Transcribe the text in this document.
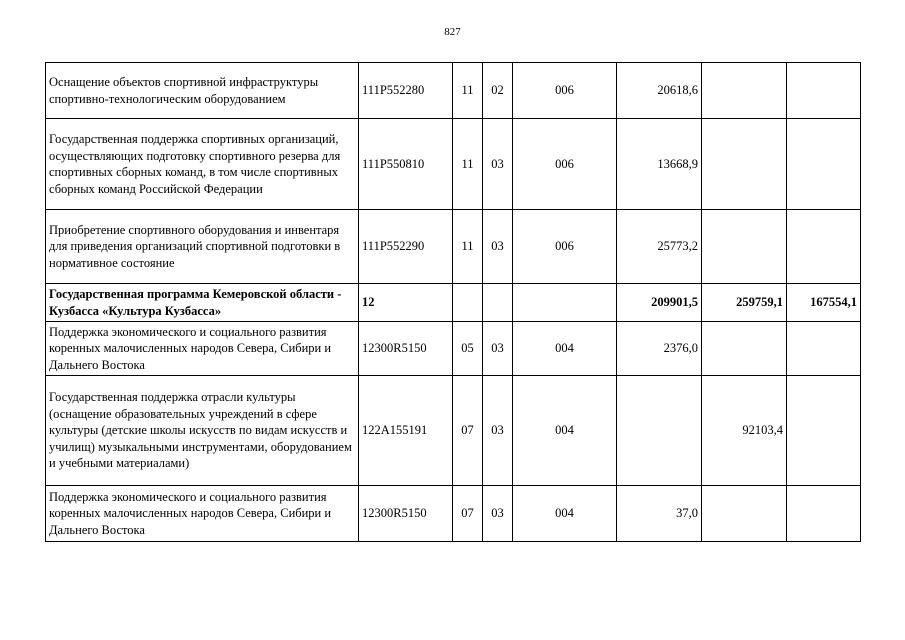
827
Оснащение объектов спортивной инфраструктуры спортивно-технологическим оборудованием	111P552280	11	02	006	20618,6		
Государственная поддержка спортивных организаций, осуществляющих подготовку спортивного резерва для спортивных сборных команд, в том числе спортивных сборных команд Российской Федерации	111P550810	11	03	006	13668,9		
Приобретение спортивного оборудования и инвентаря для приведения организаций спортивной подготовки в нормативное состояние	111P552290	11	03	006	25773,2		
Государственная программа Кемеровской области - Кузбасса «Культура Кузбасса»	12				209901,5	259759,1	167554,1
Поддержка экономического и социального развития коренных малочисленных народов Севера, Сибири и Дальнего Востока	12300R5150	05	03	004	2376,0		
Государственная поддержка отрасли культуры (оснащение образовательных учреждений в сфере культуры (детские школы искусств по видам искусств и училищ) музыкальными инструментами, оборудованием и учебными материалами)	122A155191	07	03	004		92103,4	
Поддержка экономического и социального развития коренных малочисленных народов Севера, Сибири и Дальнего Востока	12300R5150	07	03	004	37,0		
